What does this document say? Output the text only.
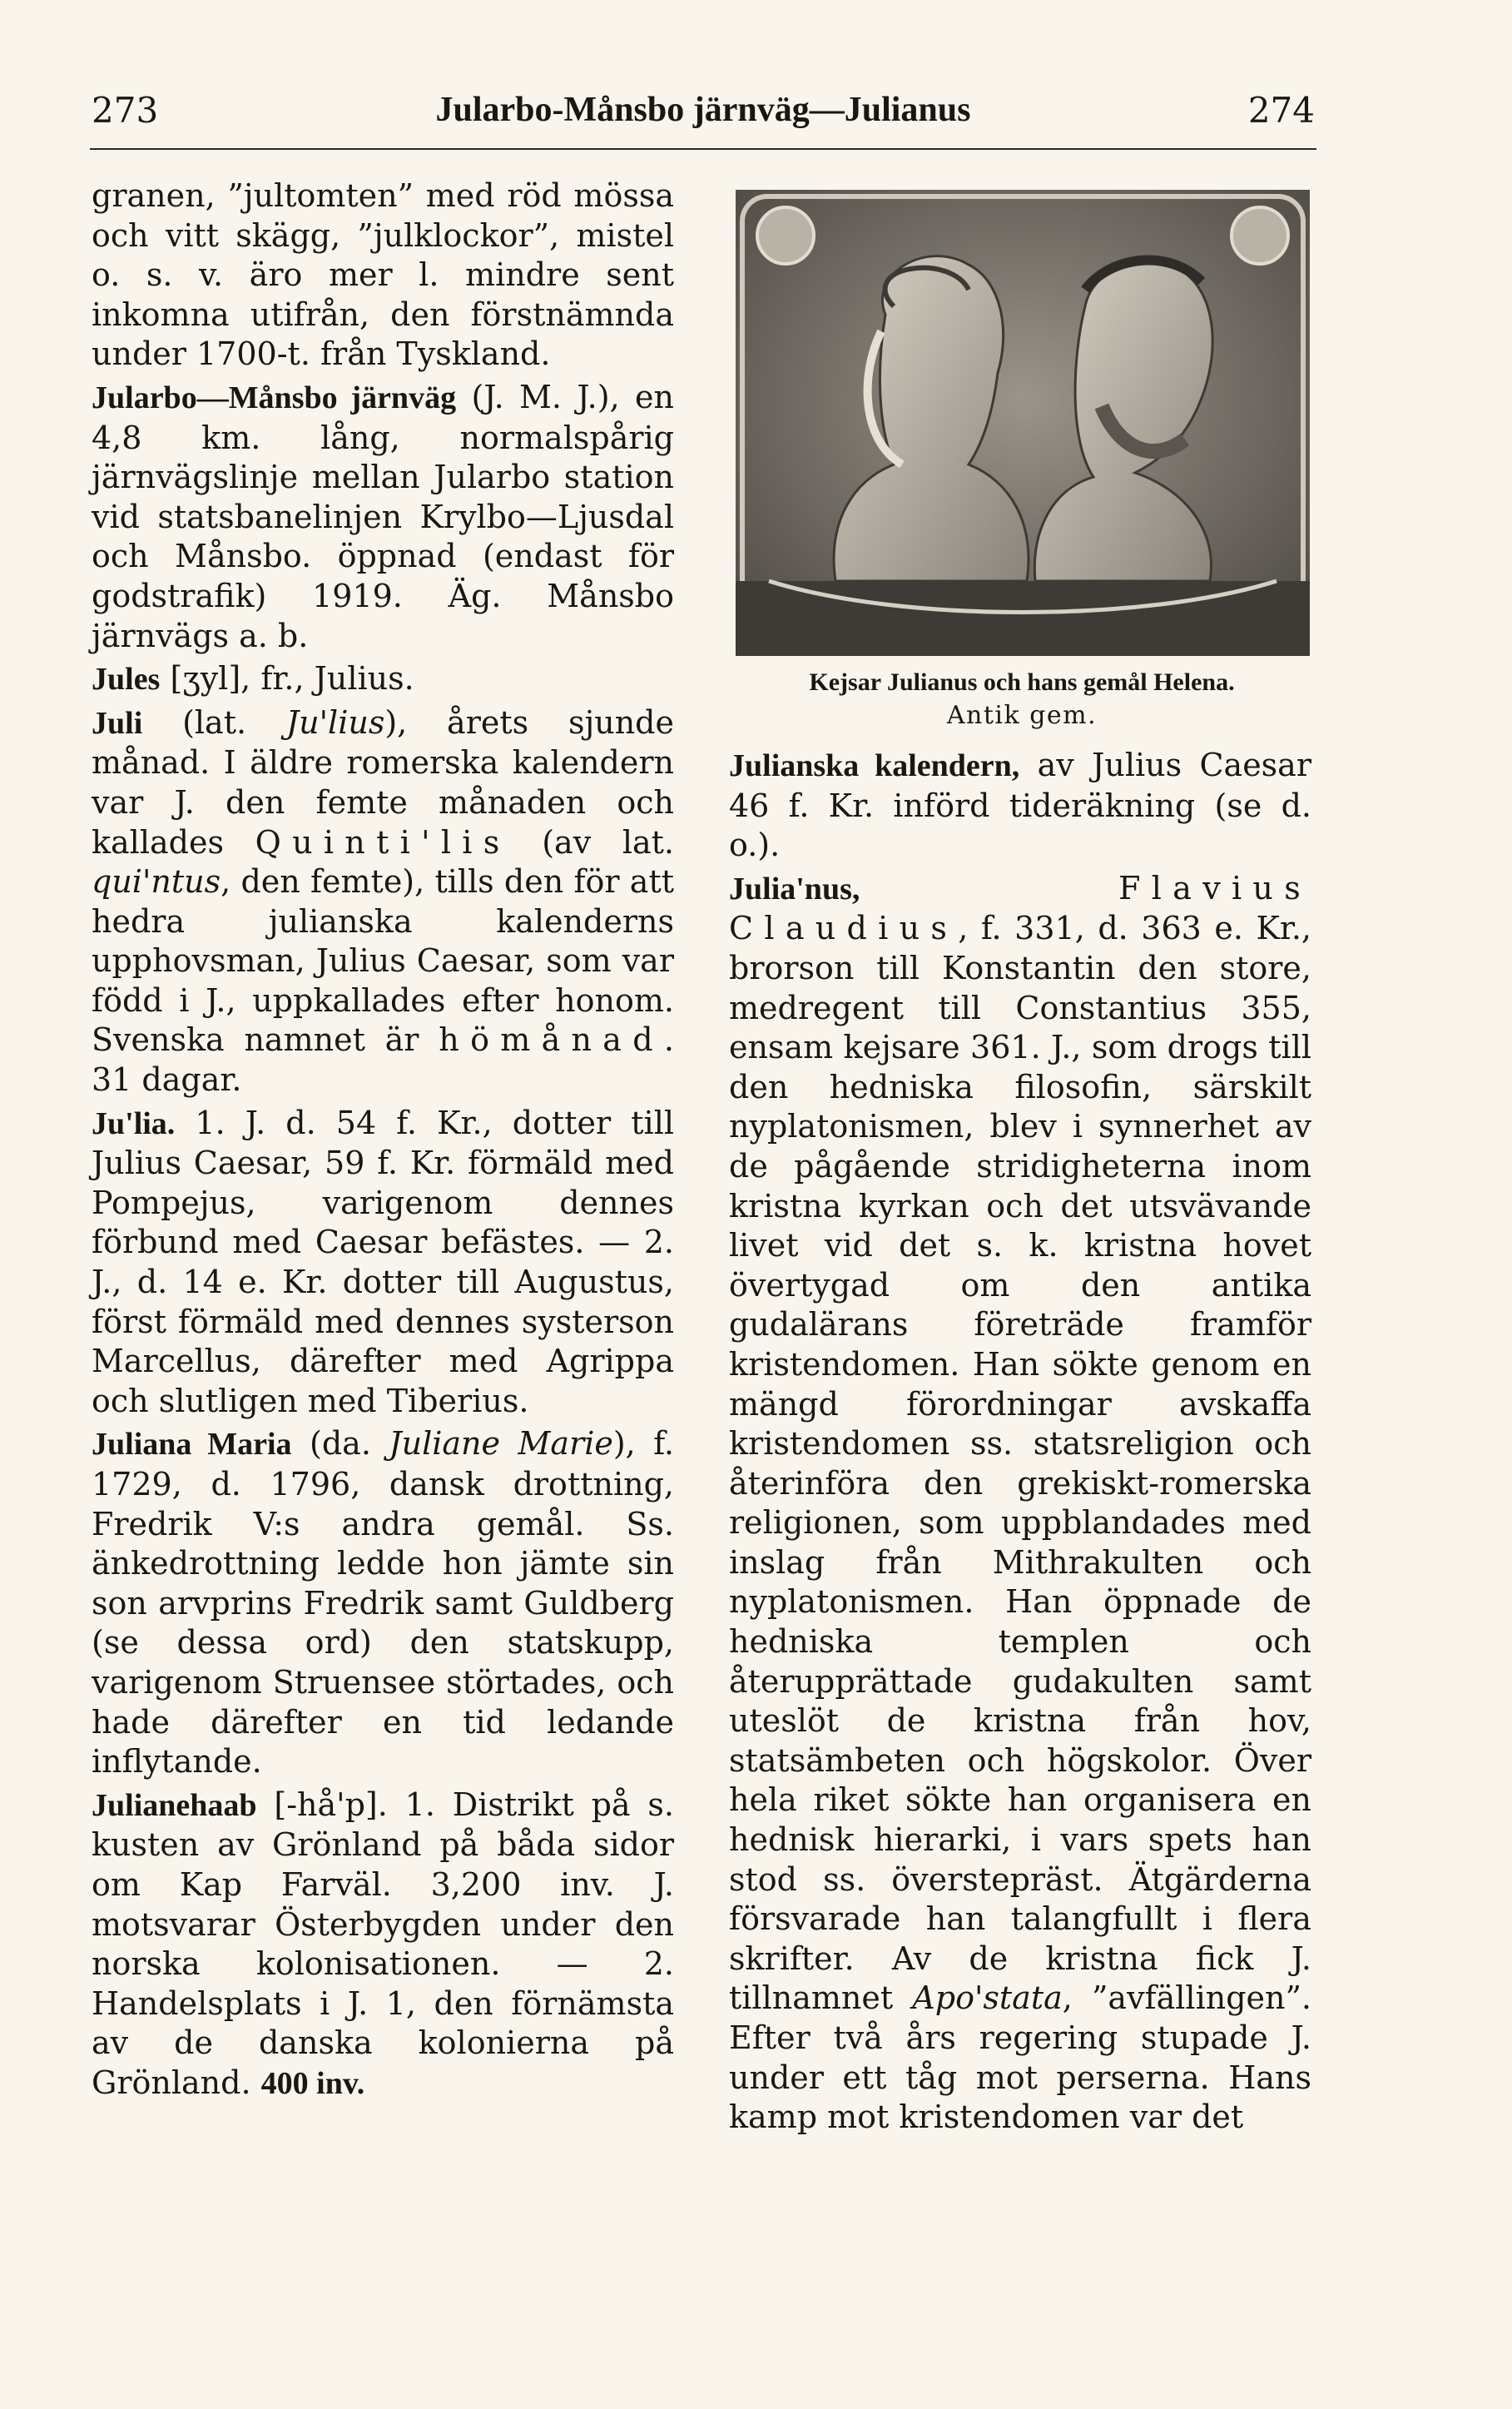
273	Jularbo-Månsbo järnväg—Julianus	274

granen, ”jultomten” med röd mössa och vitt skägg, ”julklockor”, mistel o. s. v. äro mer l. mindre sent inkomna utifrån, den förstnämnda under 1700-t. från Tyskland.

Jularbo—Månsbo järnväg (J. M. J.), en 4,8 km. lång, normalspårig järnvägslinje mellan Jularbo station vid statsbanelinjen Krylbo—Ljusdal och Månsbo. öppnad (endast för godstrafik) 1919. Äg. Månsbo järnvägs a. b.

Jules [ʒyl], fr., Julius.

Juli (lat. Ju'lius), årets sjunde månad. I äldre romerska kalendern var J. den femte månaden och kallades Quinti'lis (av lat. qui'ntus, den femte), tills den för att hedra julianska kalenderns upphovsman, Julius Caesar, som var född i J., uppkallades efter honom. Svenska namnet är hömånad. 31 dagar.

Ju'lia. 1. J. d. 54 f. Kr., dotter till Julius Caesar, 59 f. Kr. förmäld med Pompejus, varigenom dennes förbund med Caesar befästes. — 2. J., d. 14 e. Kr. dotter till Augustus, först förmäld med dennes systerson Marcellus, därefter med Agrippa och slutligen med Tiberius.

Juliana Maria (da. Juliane Marie), f. 1729, d. 1796, dansk drottning, Fredrik V:s andra gemål. Ss. änkedrottning ledde hon jämte sin son arvprins Fredrik samt Guldberg (se dessa ord) den statskupp, varigenom Struensee störtades, och hade därefter en tid ledande inflytande.

Julianehaab [-hå'p]. 1. Distrikt på s. kusten av Grönland på båda sidor om Kap Farväl. 3,200 inv. J. motsvarar Österbygden under den norska kolonisationen. — 2. Handelsplats i J. 1, den förnämsta av de danska kolonierna på Grönland. 400 inv.

Kejsar Julianus och hans gemål Helena.
Antik gem.

Julianska kalendern, av Julius Caesar 46 f. Kr. införd tideräkning (se d. o.).

Julia'nus,	Flavius Claudius, f. 331, d. 363 e. Kr., brorson till Konstantin den store, medregent till Constantius 355, ensam kejsare 361. J., som drogs till den hedniska filosofin, särskilt nyplatonismen, blev i synnerhet av de pågående stridigheterna inom kristna kyrkan och det utsvävande livet vid det s. k. kristna hovet övertygad om den antika gudalärans företräde framför kristendomen. Han sökte genom en mängd förordningar avskaffa kristendomen ss. statsreligion och återinföra den grekiskt-romerska religionen, som uppblandades med inslag från Mithrakulten och nyplatonismen. Han öppnade de hedniska templen och återupprättade gudakulten samt uteslöt de kristna från hov, statsämbeten och högskolor. Över hela riket sökte han organisera en hednisk hierarki, i vars spets han stod ss. överstepräst. Ätgärderna försvarade han talangfullt i flera skrifter. Av de kristna fick J. tillnamnet Apo'stata, ”avfällingen”. Efter två års regering stupade J. under ett tåg mot perserna. Hans kamp mot kristendomen var det
